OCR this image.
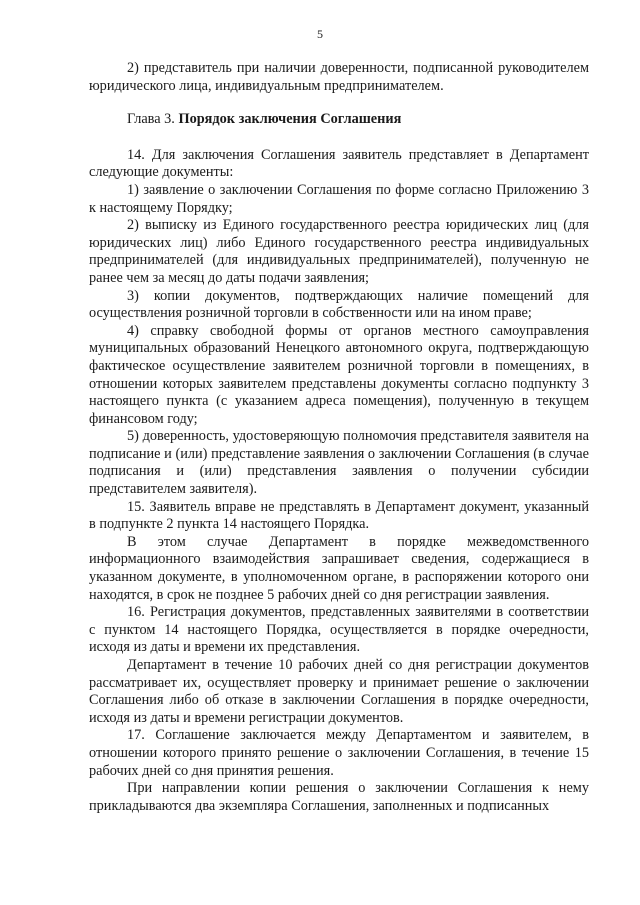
5

2) представитель при наличии доверенности, подписанной руководителем юридического лица, индивидуальным предпринимателем.

Глава 3. Порядок заключения Соглашения

14. Для заключения Соглашения заявитель представляет в Департамент следующие документы:

1) заявление о заключении Соглашения по форме согласно Приложению 3 к настоящему Порядку;

2) выписку из Единого государственного реестра юридических лиц (для юридических лиц) либо Единого государственного реестра индивидуальных предпринимателей (для индивидуальных предпринимателей), полученную не ранее чем за месяц до даты подачи заявления;

3) копии документов, подтверждающих наличие помещений для осуществления розничной торговли в собственности или на ином праве;

4) справку свободной формы от органов местного самоуправления муниципальных образований Ненецкого автономного округа, подтверждающую фактическое осуществление заявителем розничной торговли в помещениях, в отношении которых заявителем представлены документы согласно подпункту 3 настоящего пункта (с указанием адреса помещения), полученную в текущем финансовом году;

5) доверенность, удостоверяющую полномочия представителя заявителя на подписание и (или) представление заявления о заключении Соглашения (в случае подписания и (или) представления заявления о получении субсидии представителем заявителя).

15. Заявитель вправе не представлять в Департамент документ, указанный в подпункте 2 пункта 14 настоящего Порядка.

В этом случае Департамент в порядке межведомственного информационного взаимодействия запрашивает сведения, содержащиеся в указанном документе, в уполномоченном органе, в распоряжении которого они находятся, в срок не позднее 5 рабочих дней со дня регистрации заявления.

16. Регистрация документов, представленных заявителями в соответствии с пунктом 14 настоящего Порядка, осуществляется в порядке очередности, исходя из даты и времени их представления.

Департамент в течение 10 рабочих дней со дня регистрации документов рассматривает их, осуществляет проверку и принимает решение о заключении Соглашения либо об отказе в заключении Соглашения в порядке очередности, исходя из даты и времени регистрации документов.

17. Соглашение заключается между Департаментом и заявителем, в отношении которого принято решение о заключении Соглашения, в течение 15 рабочих дней со дня принятия решения.

При направлении копии решения о заключении Соглашения к нему прикладываются два экземпляра Соглашения, заполненных и подписанных
